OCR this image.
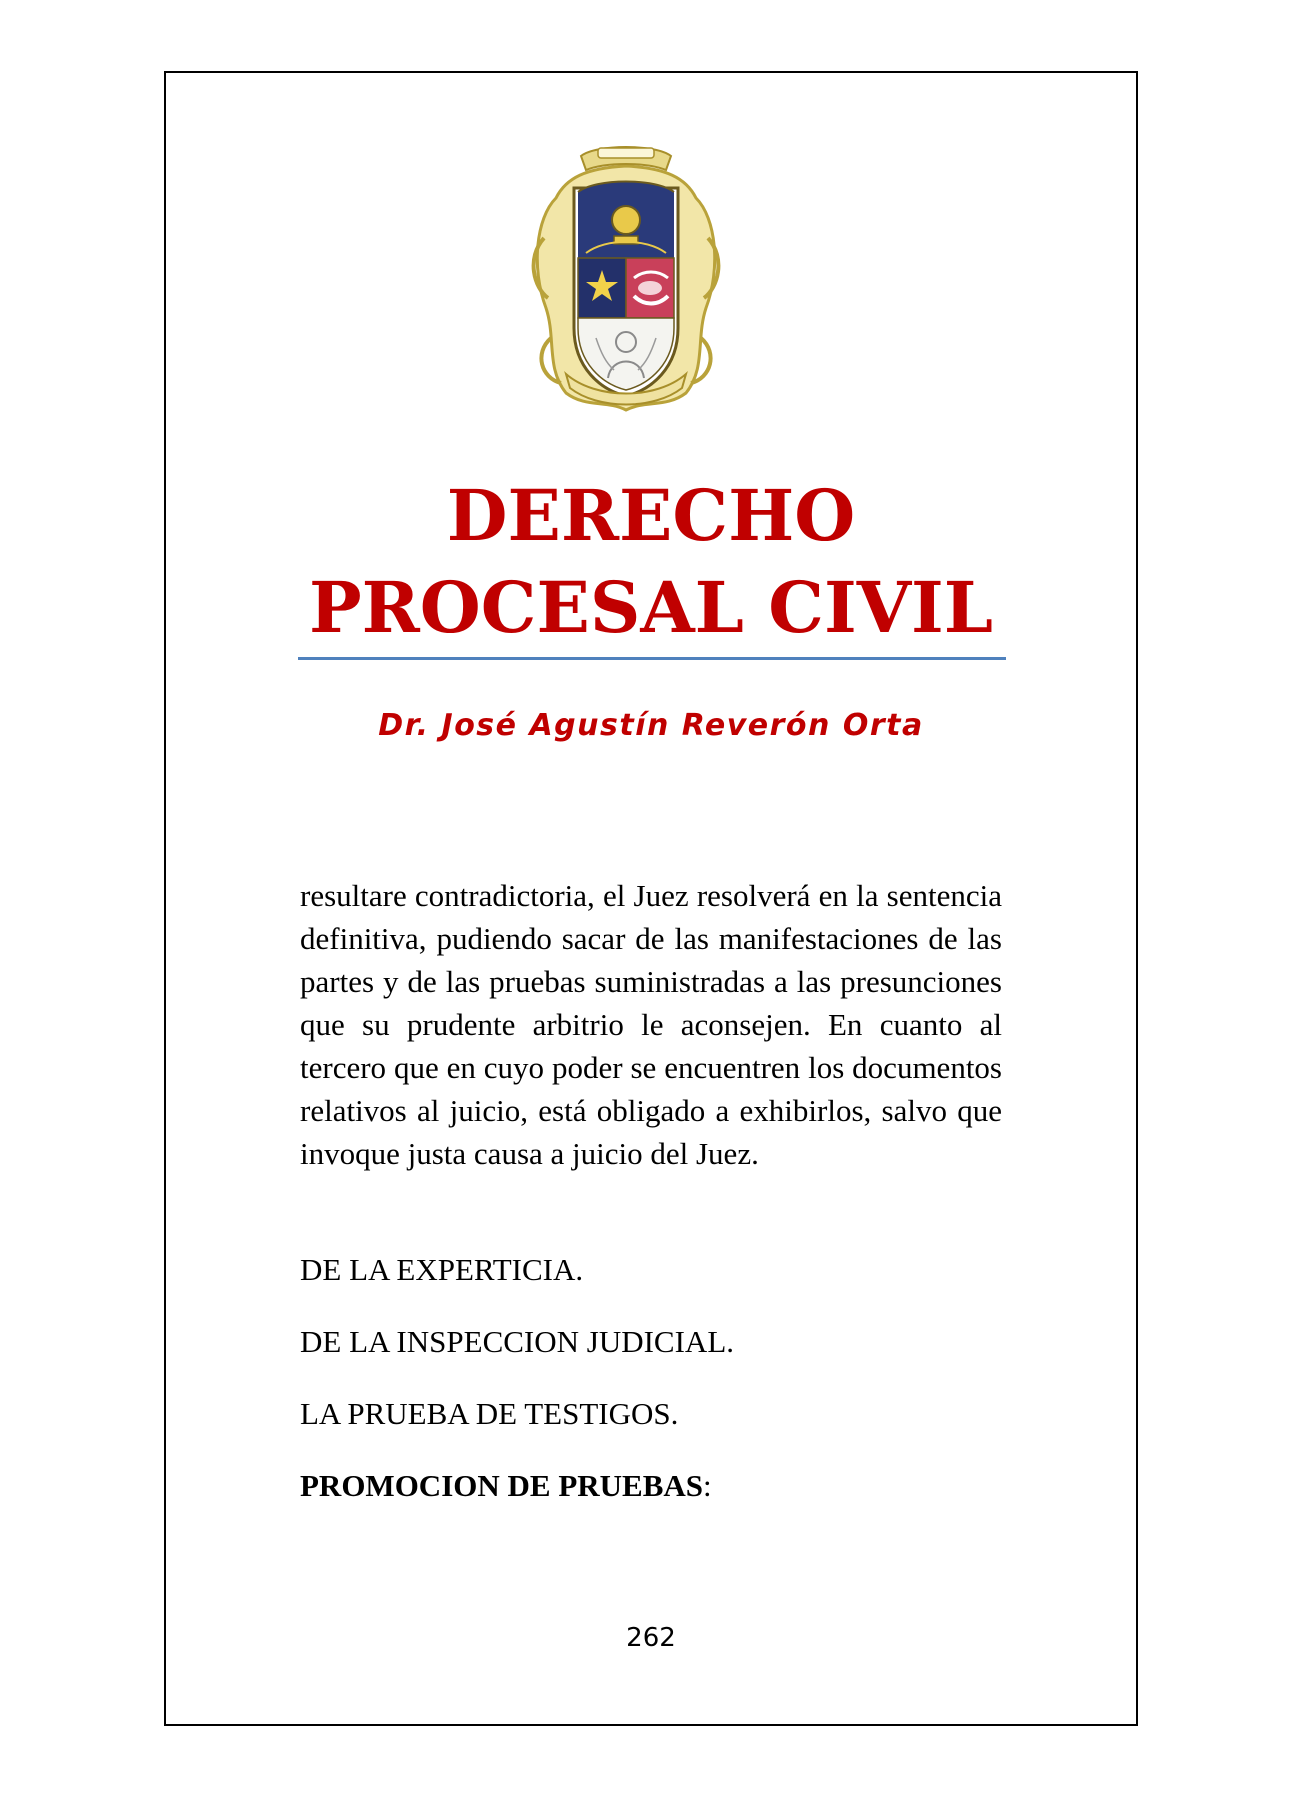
DERECHO
PROCESAL CIVIL
Dr. José Agustín Reverón Orta

resultare contradictoria, el Juez resolverá en la sentencia definitiva, pudiendo sacar de las manifestaciones de las partes y de las pruebas suministradas a las presunciones que su prudente arbitrio le aconsejen. En cuanto al tercero que en cuyo poder se encuentren los documentos relativos al juicio, está obligado a exhibirlos, salvo que invoque justa causa a juicio del Juez.

DE LA EXPERTICIA.
DE LA INSPECCION JUDICIAL.
LA PRUEBA DE TESTIGOS.
PROMOCION DE PRUEBAS:
262
